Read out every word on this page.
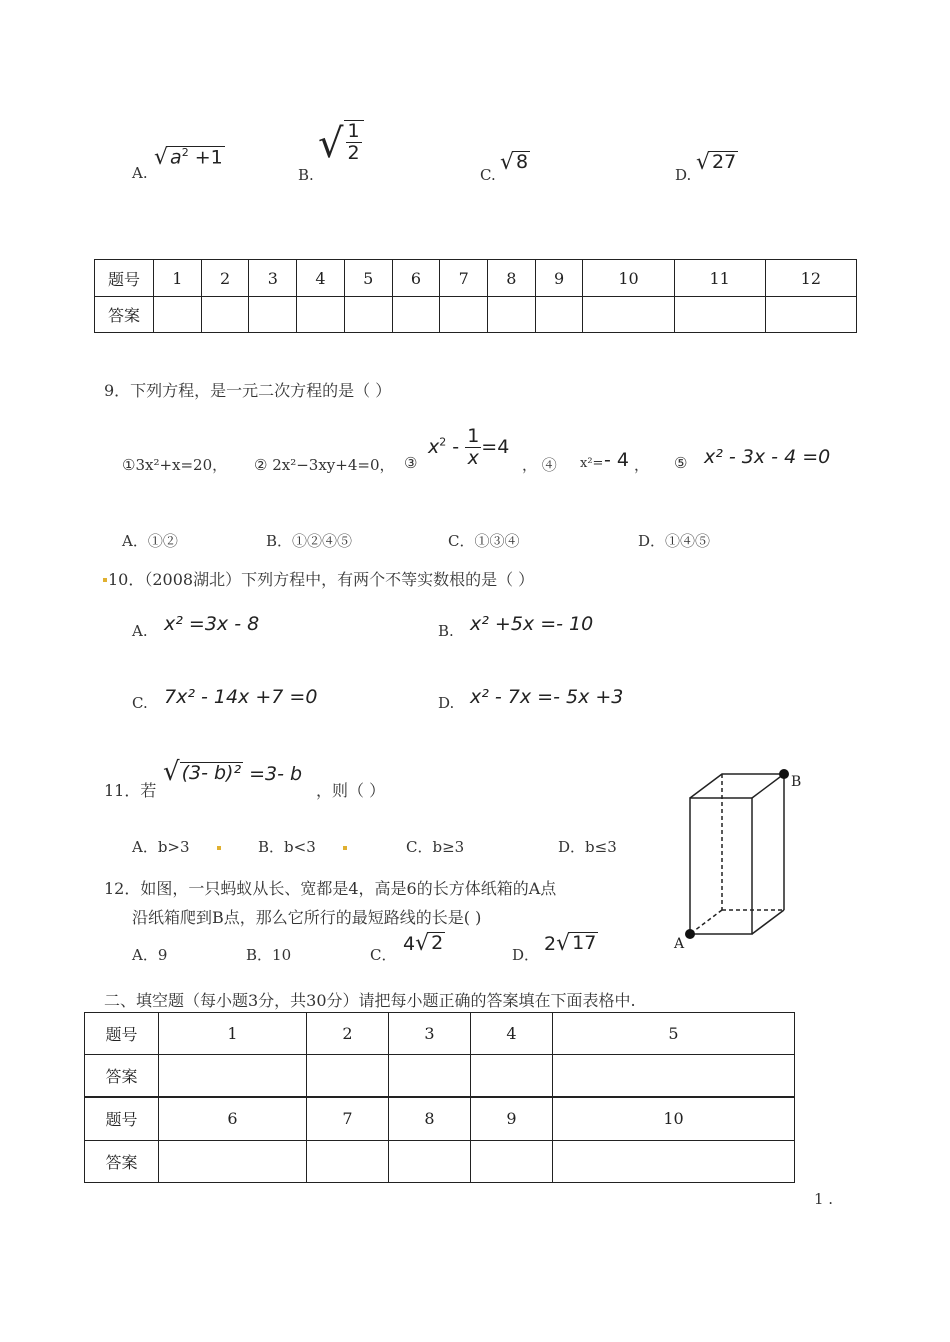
A.
√ $a^2 +1$
B.
√ $\frac{1}{2}$
C.
√ 8
D.
√ 27
题号	1	2	3	4	5	6	7	8	9	10	11	12
答案												
9．下列方程，是一元二次方程的是（ ）
①3x²+x=20， ② 2x²−3xy+4=0， ③
$x^2 - \frac{1}{x} =4$
， ④ x²= - 4 ， ⑤ x² - 3x - 4 =0
A．①②	B．①②④⑤	C．①③④	D．①④⑤
10．（2008湖北）下列方程中，有两个不等实数根的是（ ）
A. x² =3x - 8	B. x² +5x =- 10
C. 7x² - 14x +7 =0	D. x² - 7x =- 5x +3
11．若
√ (3- b)² =3- b
，则（ ）
A．b>3	B．b<3	C．b≥3	D．b≤3
A
B
12．如图，一只蚂蚁从长、宽都是4，高是6的长方体纸箱的A点
沿纸箱爬到B点，那么它所行的最短路线的长是( )
A．9	B．10	C．
4 √ 2
D．
2 √ 17
二、填空题（每小题3分，共30分）请把每小题正确的答案填在下面表格中.
题号	1	2	3	4	5
答案					
题号	6	7	8	9	10
答案					
1 .
